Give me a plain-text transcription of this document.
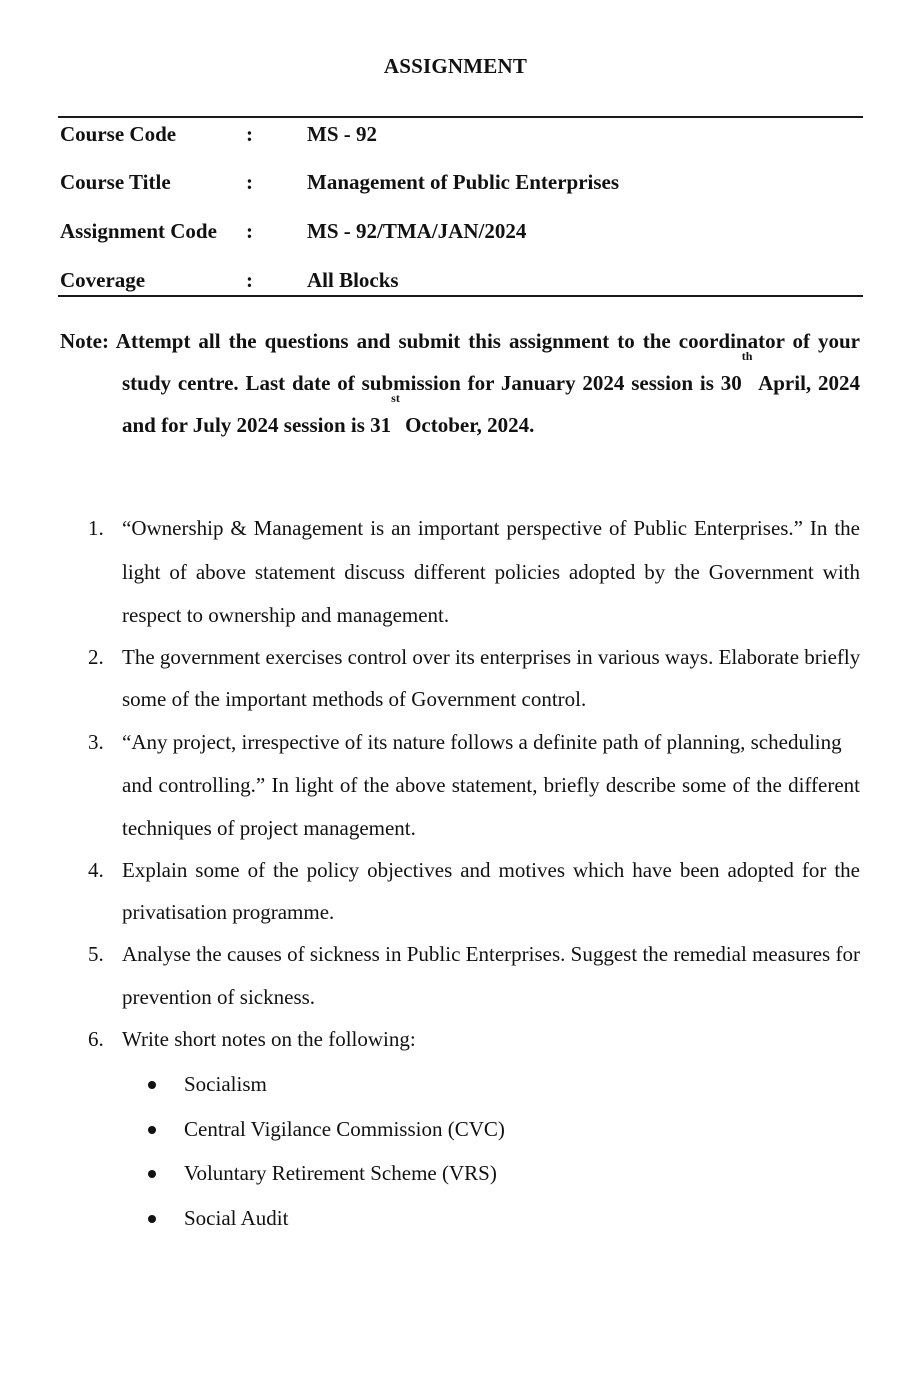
ASSIGNMENT
Course Code	:	MS - 92
Course Title	:	Management of Public Enterprises
Assignment Code :	MS - 92/TMA/JAN/2024
Coverage	:	All Blocks
Note: Attempt all the questions and submit this assignment to the coordinator of your
study centre. Last date of submission for January 2024 session is 30th April, 2024
and for July 2024 session is 31st October, 2024.
1. “Ownership & Management is an important perspective of Public Enterprises.” In the
light of above statement discuss different policies adopted by the Government with
respect to ownership and management.
2. The government exercises control over its enterprises in various ways. Elaborate briefly
some of the important methods of Government control.
3. “Any project, irrespective of its nature follows a definite path of planning, scheduling
and controlling.” In light of the above statement, briefly describe some of the different
techniques of project management.
4. Explain some of the policy objectives and motives which have been adopted for the
privatisation programme.
5. Analyse the causes of sickness in Public Enterprises. Suggest the remedial measures for
prevention of sickness.
6. Write short notes on the following:
Socialism
Central Vigilance Commission (CVC)
Voluntary Retirement Scheme (VRS)
Social Audit
